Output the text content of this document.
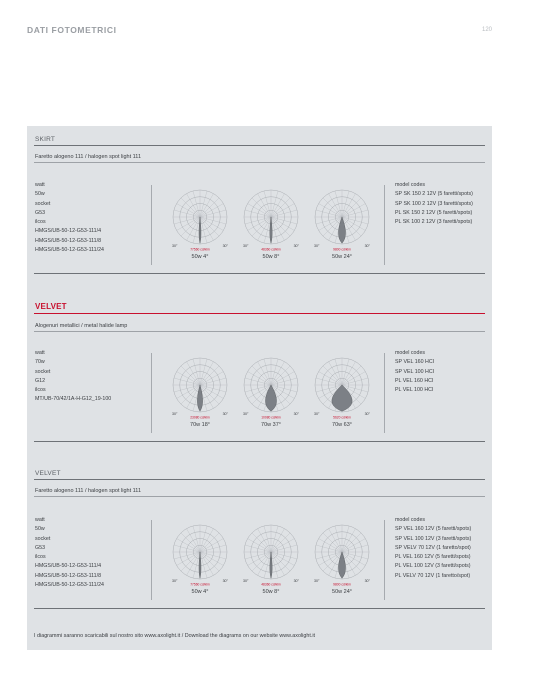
DATI FOTOMETRICI	120
SKIRT
Faretto alogeno 111 / halogen spot light 111
watt
50w
socket
G53
ilcos
HMGS/UB-50-12-G53-111/4
HMGS/UB-50-12-G53-111/8
HMGS/UB-50-12-G53-111/24
30°	30°
77560 cd/klm
50w 4°
30°	30°
48360 cd/klm
50w 8°
30°	30°
9800 cd/klm
50w 24°
model codes
SP SK 150 2 12V (5 faretti/spots)
SP SK 100 2 12V (3 faretti/spots)
PL SK 150 2 12V (5 faretti/spots)
PL SK 100 2 12V (3 faretti/spots)
VELVET
Alogenuri metallici / metal halide lamp
watt
70w
socket
G12
ilcos
MT/UB-70/42/1A-H-G12_19-100
30°	30°
23080 cd/klm
70w 18°
30°	30°
10080 cd/klm
70w 37°
30°	30°
5620 cd/klm
70w 63°
model codes
SP VEL 160 HCI
SP VEL 100 HCI
PL VEL 160 HCI
PL VEL 100 HCI
VELVET
Faretto alogeno 111 / halogen spot light 111
watt
50w
socket
G53
ilcos
HMGS/UB-50-12-G53-111/4
HMGS/UB-50-12-G53-111/8
HMGS/UB-50-12-G53-111/24
30°	30°
77560 cd/klm
50w 4°
30°	30°
48360 cd/klm
50w 8°
30°	30°
9800 cd/klm
50w 24°
model codes
SP VEL 160 12V (5 faretti/spots)
SP VEL 100 12V (3 faretti/spots)
SP VELV 70 12V (1 faretto/spot)
PL VEL 160 12V (5 faretti/spots)
PL VEL 100 12V (3 faretti/spots)
PL VELV 70 12V (1 faretto/spot)
I diagrammi saranno scaricabili sul nostro sito www.axolight.it / Download the diagrams on our website www.axolight.it
